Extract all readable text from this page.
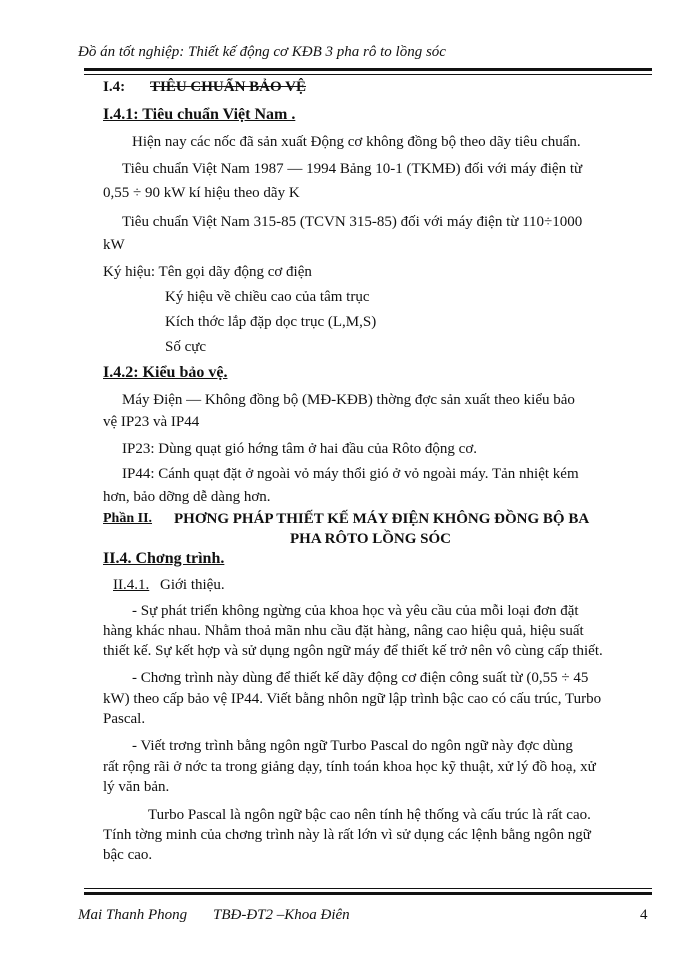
Đồ án tốt nghiệp: Thiết kế động cơ KĐB 3 pha rô to lồng sóc
I.4: TIÊU CHUẨN BẢO VỆ
I.4.1: Tiêu chuẩn Việt Nam .
Hiện nay các nốc đã sản xuất Động cơ không đồng bộ theo dãy tiêu chuẩn.
Tiêu chuẩn Việt Nam 1987 — 1994 Bảng 10-1 (TKMĐ) đối với máy điện từ
0,55 ÷ 90 kW kí hiệu theo dãy K
Tiêu chuẩn Việt Nam 315-85 (TCVN 315-85) đối với máy điện từ 110÷1000
kW
Ký hiệu: Tên gọi dãy động cơ điện
Ký hiệu về chiều cao của tâm trục
Kích thớc lắp đặp dọc trục (L,M,S)
Số cực
I.4.2: Kiểu bảo vệ.
Máy Điện — Không đồng bộ (MĐ-KĐB) thờng đợc sản xuất theo kiểu bảo
vệ IP23 và IP44
IP23: Dùng quạt gió hớng tâm ở hai đầu của Rôto động cơ.
IP44: Cánh quạt đặt ở ngoài vỏ máy thổi gió ở vỏ ngoài máy. Tản nhiệt kém
hơn, bảo dỡng dễ dàng hơn.
Phần II. PHƠNG PHÁP THIẾT KẾ MÁY ĐIỆN KHÔNG ĐỒNG BỘ BA
PHA RÔTO LỒNG SÓC
II.4. Chơng trình.
II.4.1. Giới thiệu.
- Sự phát triển không ngừng của khoa học và yêu cầu của mỗi loại đơn đặt
hàng khác nhau. Nhằm thoả mãn nhu cầu đặt hàng, nâng cao hiệu quả, hiệu suất
thiết kế. Sự kết hợp và sử dụng ngôn ngữ máy để thiết kế trở nên vô cùng cấp thiết.
- Chơng trình này dùng để thiết kế dãy động cơ điện công suất từ (0,55 ÷ 45
kW) theo cấp bảo vệ IP44. Viết bằng nhôn ngữ lập trình bậc cao có cấu trúc, Turbo
Pascal.
- Viết trơng trình bằng ngôn ngữ Turbo Pascal do ngôn ngữ này đợc dùng
rất rộng rãi ở nớc ta trong giảng dạy, tính toán khoa học kỹ thuật, xử lý đồ hoạ, xử
lý văn bản.
Turbo Pascal là ngôn ngữ bậc cao nên tính hệ thống và cấu trúc là rất cao.
Tính tờng minh của chơng trình này là rất lớn vì sử dụng các lệnh bằng ngôn ngữ
bậc cao.
Mai Thanh Phong TBĐ-ĐT2 –Khoa Điên	4
